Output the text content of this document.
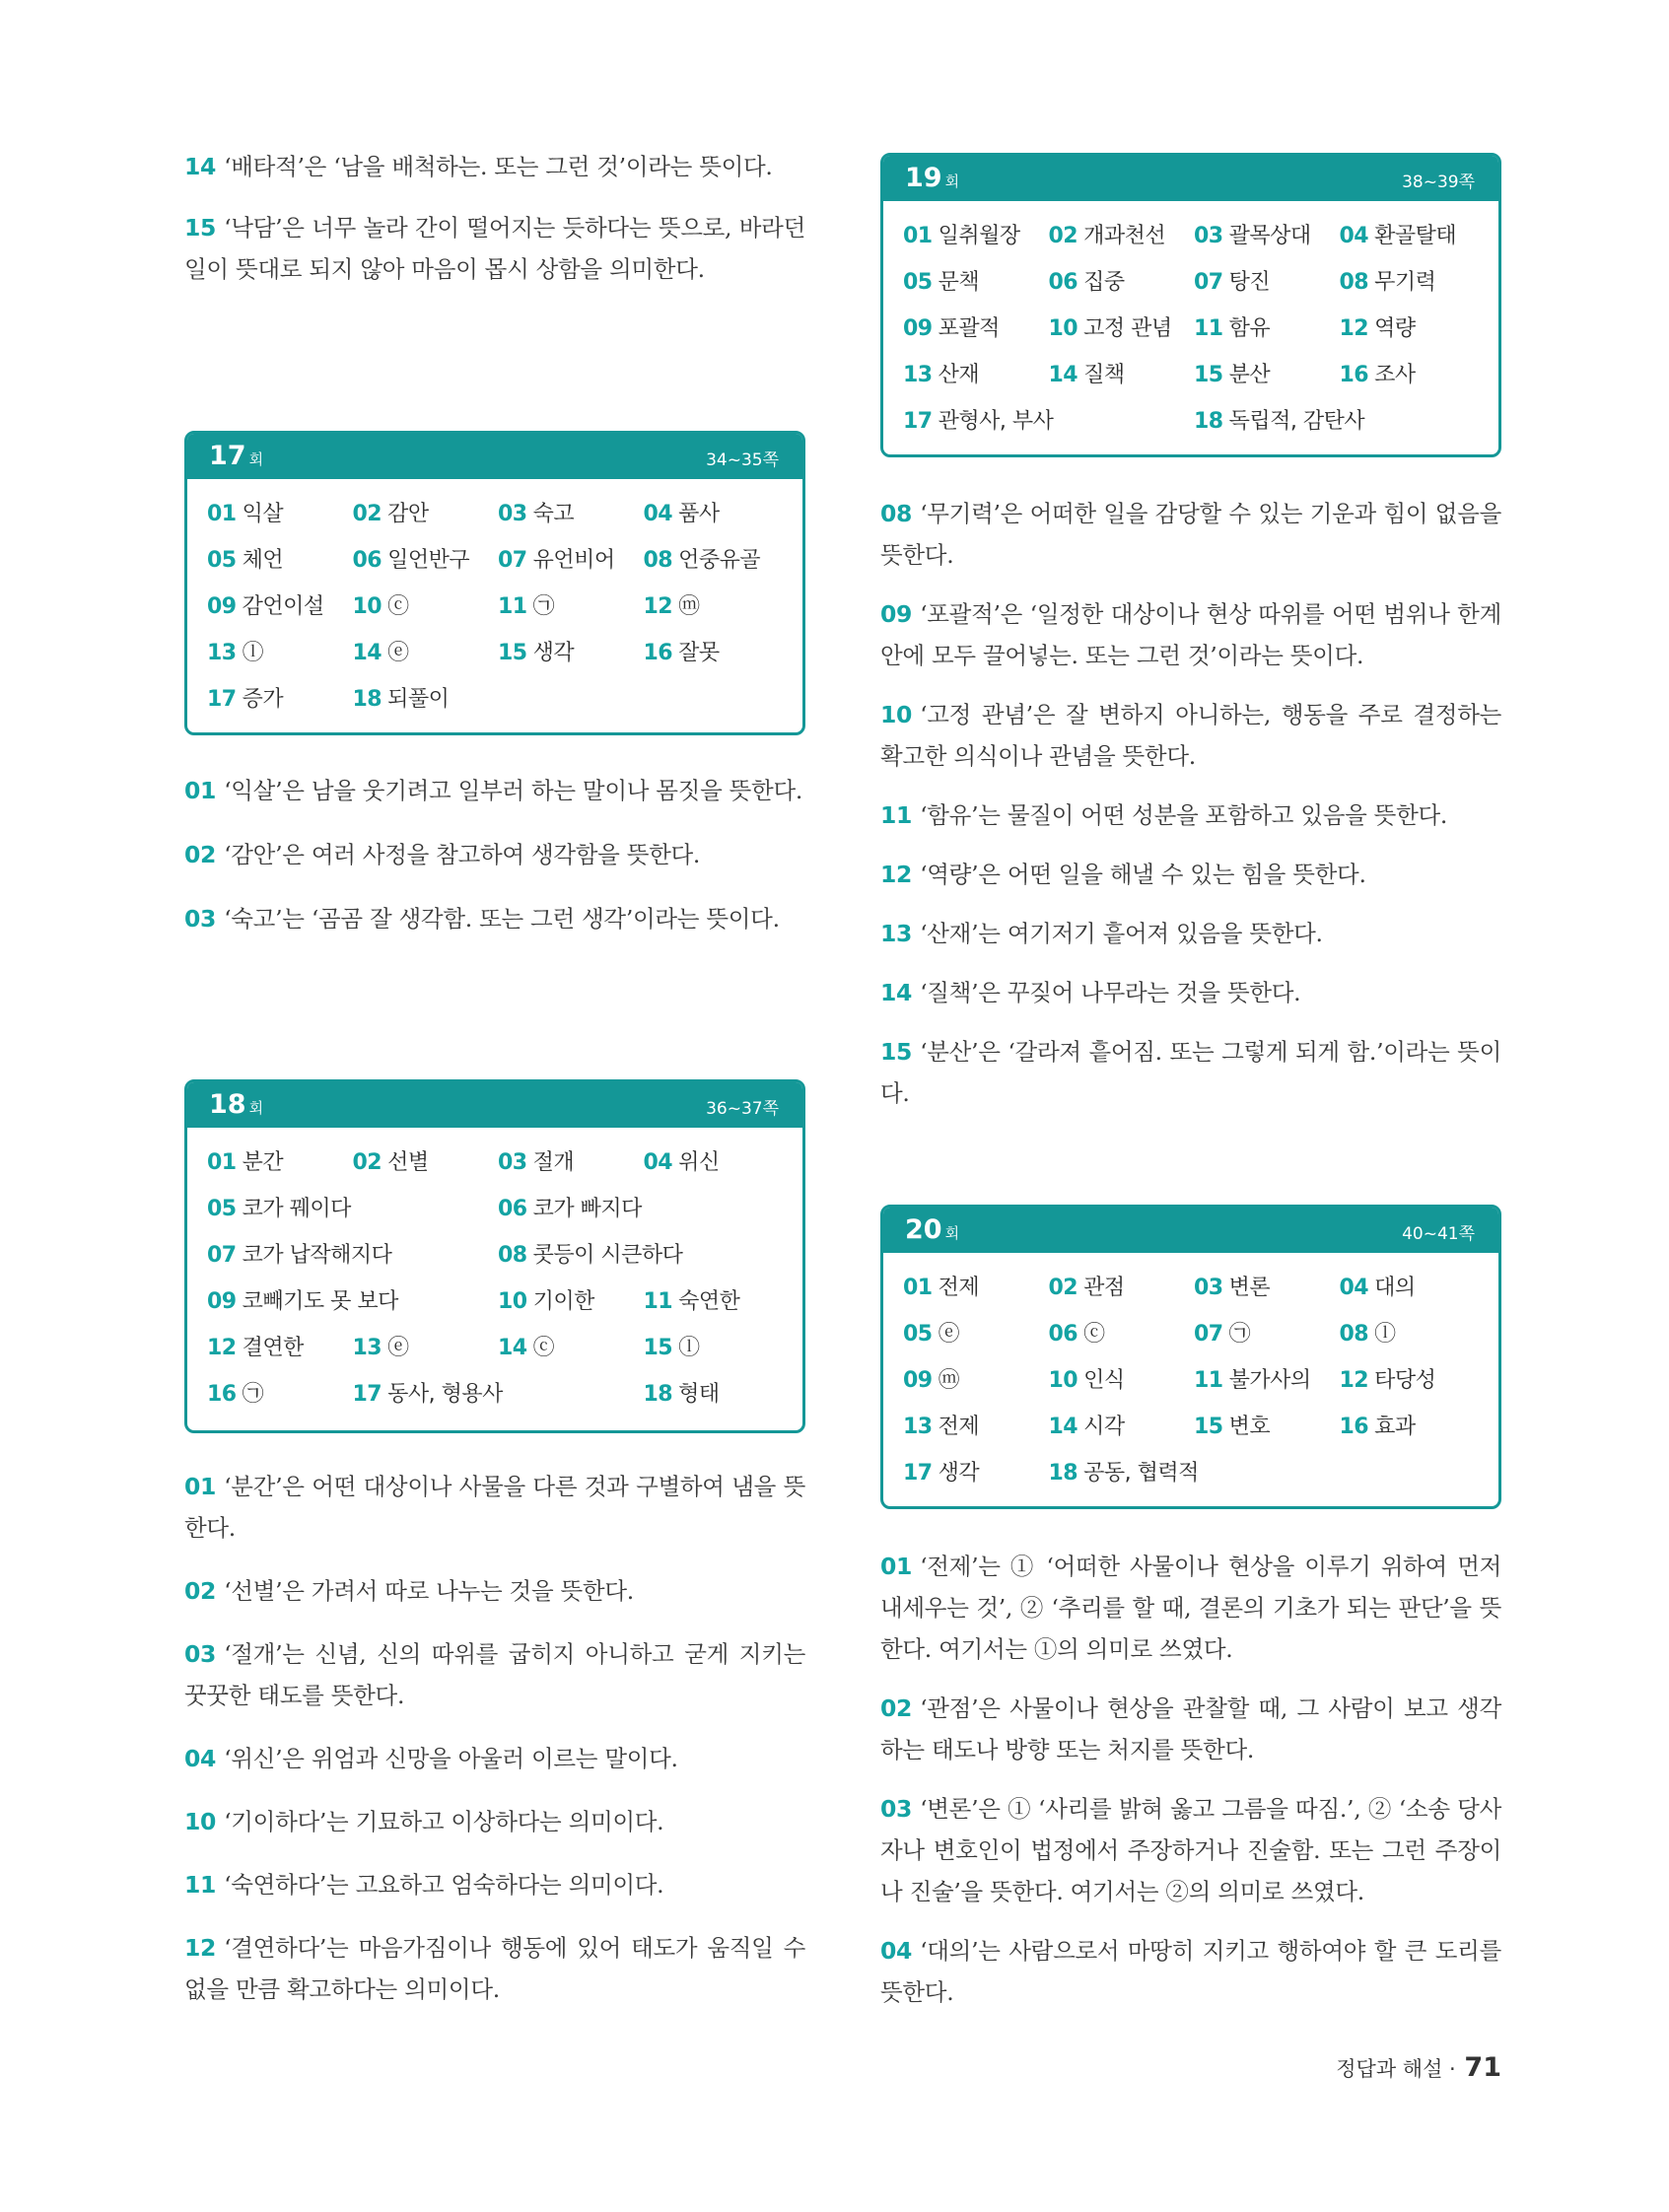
14 ‘배타적’은 ‘남을 배척하는. 또는 그런 것’이라는 뜻이다.

15 ‘낙담’은 너무 놀라 간이 떨어지는 듯하다는 뜻으로, 바라던 일이 뜻대로 되지 않아 마음이 몹시 상함을 의미한다.

17 회	34~35쪽
01 익살	02 감안	03 숙고	04 품사
05 체언	06 일언반구	07 유언비어	08 언중유골
09 감언이설	10 ⓒ	11 ㉠	12 ⓜ
13 ⓛ	14 ⓔ	15 생각	16 잘못
17 증가	18 되풀이

01 ‘익살’은 남을 웃기려고 일부러 하는 말이나 몸짓을 뜻한다.

02 ‘감안’은 여러 사정을 참고하여 생각함을 뜻한다.

03 ‘숙고’는 ‘곰곰 잘 생각함. 또는 그런 생각’이라는 뜻이다.

18 회	36~37쪽
01 분간	02 선별	03 절개	04 위신
05 코가 꿰이다	06 코가 빠지다
07 코가 납작해지다	08 콧등이 시큰하다
09 코빼기도 못 보다	10 기이한	11 숙연한
12 결연한	13 ⓔ	14 ⓒ	15 ⓛ
16 ㉠	17 동사, 형용사	18 형태

01 ‘분간’은 어떤 대상이나 사물을 다른 것과 구별하여 냄을 뜻한다.

02 ‘선별’은 가려서 따로 나누는 것을 뜻한다.

03 ‘절개’는 신념, 신의 따위를 굽히지 아니하고 굳게 지키는 꿋꿋한 태도를 뜻한다.

04 ‘위신’은 위엄과 신망을 아울러 이르는 말이다.

10 ‘기이하다’는 기묘하고 이상하다는 의미이다.

11 ‘숙연하다’는 고요하고 엄숙하다는 의미이다.

12 ‘결연하다’는 마음가짐이나 행동에 있어 태도가 움직일 수 없을 만큼 확고하다는 의미이다.

19 회	38~39쪽
01 일취월장	02 개과천선	03 괄목상대	04 환골탈태
05 문책	06 집중	07 탕진	08 무기력
09 포괄적	10 고정 관념	11 함유	12 역량
13 산재	14 질책	15 분산	16 조사
17 관형사, 부사	18 독립적, 감탄사

08 ‘무기력’은 어떠한 일을 감당할 수 있는 기운과 힘이 없음을 뜻한다.

09 ‘포괄적’은 ‘일정한 대상이나 현상 따위를 어떤 범위나 한계 안에 모두 끌어넣는. 또는 그런 것’이라는 뜻이다.

10 ‘고정 관념’은 잘 변하지 아니하는, 행동을 주로 결정하는 확고한 의식이나 관념을 뜻한다.

11 ‘함유’는 물질이 어떤 성분을 포함하고 있음을 뜻한다.

12 ‘역량’은 어떤 일을 해낼 수 있는 힘을 뜻한다.

13 ‘산재’는 여기저기 흩어져 있음을 뜻한다.

14 ‘질책’은 꾸짖어 나무라는 것을 뜻한다.

15 ‘분산’은 ‘갈라져 흩어짐. 또는 그렇게 되게 함.’이라는 뜻이다.

20 회	40~41쪽
01 전제	02 관점	03 변론	04 대의
05 ⓔ	06 ⓒ	07 ㉠	08 ⓛ
09 ⓜ	10 인식	11 불가사의	12 타당성
13 전제	14 시각	15 변호	16 효과
17 생각	18 공동, 협력적

01 ‘전제’는 ① ‘어떠한 사물이나 현상을 이루기 위하여 먼저 내세우는 것’, ② ‘추리를 할 때, 결론의 기초가 되는 판단’을 뜻한다. 여기서는 ①의 의미로 쓰였다.

02 ‘관점’은 사물이나 현상을 관찰할 때, 그 사람이 보고 생각하는 태도나 방향 또는 처지를 뜻한다.

03 ‘변론’은 ① ‘사리를 밝혀 옳고 그름을 따짐.’, ② ‘소송 당사자나 변호인이 법정에서 주장하거나 진술함. 또는 그런 주장이나 진술’을 뜻한다. 여기서는 ②의 의미로 쓰였다.

04 ‘대의’는 사람으로서 마땅히 지키고 행하여야 할 큰 도리를 뜻한다.

정답과 해설 · 71
